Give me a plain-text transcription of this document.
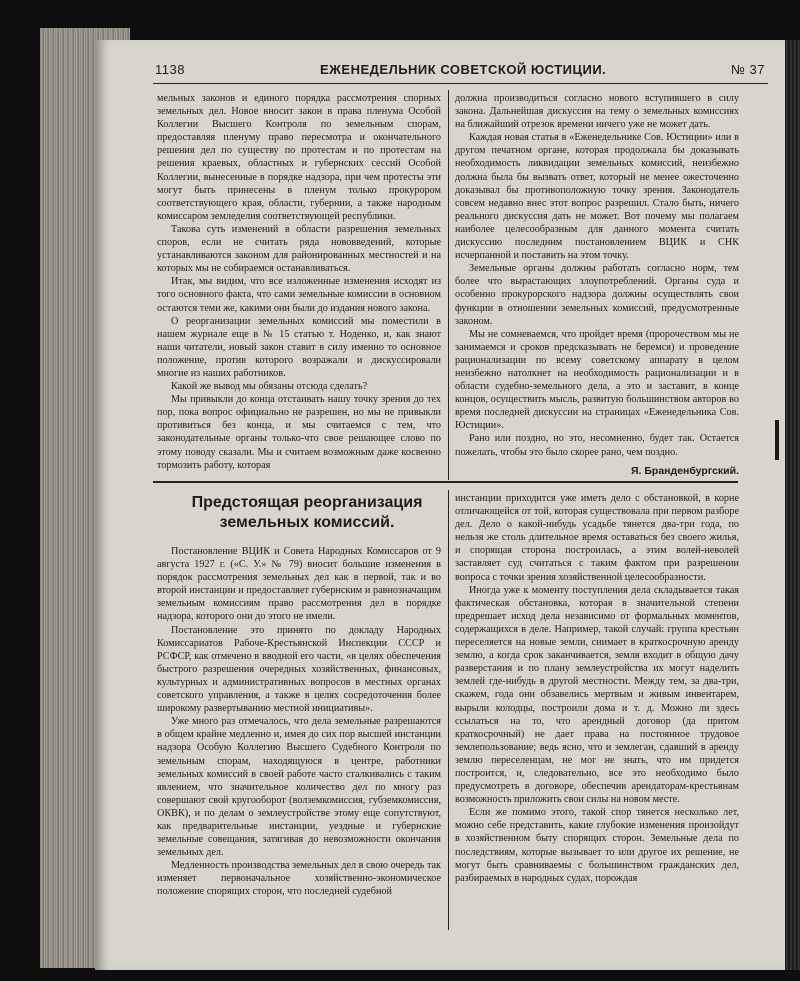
1138	ЕЖЕНЕДЕЛЬНИК СОВЕТСКОЙ ЮСТИЦИИ.	№ 37

мельных законов и единого порядка рассмотрения спорных земельных дел. Новое вносит закон в права пленума Особой Коллегии Высшего Контроля по земельным спорам, предоставляя пленуму право пересмотра и окончательного решения дел по существу по протестам и по протестам на решения краевых, областных и губернских сессий Особой Коллегии, вынесенные в порядке надзора, при чем протесты эти могут быть принесены в пленум только прокурором соответствующего края, области, губернии, а также народным комиссаром земледелия соответствующей республики.

Такова суть изменений в области разрешения земельных споров, если не считать ряда нововведений, которые устанавливаются законом для районированных местностей и на которых мы не собираемся останавливаться.

Итак, мы видим, что все изложенные изменения исходят из того основного факта, что сами земельные комиссии в основном остаются теми же, какими они были до издания нового закона.

О реорганизации земельных комиссий мы поместили в нашем журнале еще в № 15 статью т. Ноденко, и, как знают наши читатели, новый закон ставит в силу именно то основное положение, против которого возражали и дискуссировали многие из наших работников.

Какой же вывод мы обязаны отсюда сделать?

Мы привыкли до конца отстаивать нашу точку зрения до тех пор, пока вопрос официально не разрешен, но мы не привыкли противиться без конца, и мы считаемся с тем, что законодательные органы только-что свое решающее слово по этому поводу сказали. Мы и считаем возможным даже косвенно тормозить работу, которая

должна производиться согласно нового вступившего в силу закона. Дальнейшая дискуссия на тему о земельных комиссиях на ближайший отрезок времени ничего уже не может дать.

Каждая новая статья в «Еженедельнике Сов. Юстиции» или в другом печатном органе, которая продолжала бы доказывать необходимость ликвидации земельных комиссий, неизбежно должна была бы вызвать ответ, который не менее ожесточенно доказывал бы противоположную точку зрения. Законодатель совсем недавно внес этот вопрос разрешил. Стало быть, ничего реального дискуссия дать не может. Вот почему мы полагаем наиболее целесообразным для данного момента считать дискуссию последним постановлением ВЦИК и СНК исчерпанной и поставить на этом точку.

Земельные органы должны работать согласно норм, тем более что вырастающих злоупотреблений. Органы суда и особенно прокурорского надзора должны осуществлять свои функции в отношении земельных комиссий, предусмотренные законом.

Мы не сомневаемся, что пройдет время (пророчеством мы не занимаемся и сроков предсказывать не беремся) и проведение рационализации по всему советскому аппарату в целом неизбежно натолкнет на необходимость рационализации и в области судебно-земельного дела, а это и заставит, в конце концов, осуществить мысль, развитую большинством авторов во время последней дискуссии на страницах «Еженедельника Сов. Юстиции».

Рано или поздно, но это, несомненно, будет так. Остается пожелать, чтобы это было скорее рано, чем поздно.

Я. Бранденбургский.
Предстоящая реорганизация земельных комиссий.

Постановление ВЦИК и Совета Народных Комиссаров от 9 августа 1927 г. («С. У.» № 79) вносит большие изменения в порядок рассмотрения земельных дел как в первой, так и во второй инстанции и предоставляет губернским и равнозначащим земельным комиссиям право рассмотрения дел в порядке надзора, которого они до этого не имели.

Постановление это принято по докладу Народных Комиссариатов Рабоче-Крестьянской Инспекции СССР и РСФСР, как отмечено в вводной его части, «в целях обеспечения быстрого разрешения очередных хозяйственных, финансовых, культурных и административных вопросов в местных органах советского управления, а также в целях сосредоточения более широкому развертыванию местной инициативы».

Уже много раз отмечалось, что дела земельные разрешаются в общем крайне медленно и, имея до сих пор высшей инстанции надзора Особую Коллегию Высшего Судебного Контроля по земельным спорам, находящуюся в центре, работники земельных комиссий в своей работе часто сталкивались с таким явлением, что значительное количество дел по многу раз совершают свой кругооборот (волземкомиссия, губземкомиссия, ОКВК), и по делам о землеустройстве этому еще сопутствуют, как предварительные инстанции, уездные и губернские земельные совещания, затягивая до невозможности окончания земельных дел.

Медленность производства земельных дел в свою очередь так изменяет первоначальное хозяйственно-экономическое положение спорящих сторон, что последней судебной

инстанции приходится уже иметь дело с обстановкой, в корне отличающейся от той, которая существовала при первом разборе дел. Дело о какой-нибудь усадьбе тянется два-три года, по нельзя же столь длительное время оставаться без своего жилья, и спорящая сторона построилась, а этим волей-неволей заставляет суд считаться с таким фактом при разрешении вопроса с точки зрения хозяйственной целесообразности.

Иногда уже к моменту поступления дела складывается такая фактическая обстановка, которая в значительной степени предрешает исход дела независимо от формальных моментов, содержащихся в деле. Например, такой случай: группа крестьян переселяется на новые земли, снимает в краткосрочную аренду землю, а когда срок заканчивается, земля входит в общую дачу разверстания и по плану землеустройства их могут наделить землей где-нибудь в другой местности. Между тем, за два-три, скажем, года они обзавелись мертвым и живым инвентарем, вырыли колодцы, построили дома и т. д. Можно ли здесь ссылаться на то, что арендный договор (да притом краткосрочный) не дает права на постоянное трудовое землепользование; ведь ясно, что и землеган, сдавший в аренду землю переселенцам, не мог не знать, что им придется построится, и, следовательно, все это необходимо было предусмотреть в договоре, обеспечив арендаторам-крестьянам возможность приложить свои силы на новом месте.

Если же помимо этого, такой спор тянется несколько лет, можно себе представить, какие глубокие изменения произойдут в хозяйственном быту спорящих сторон. Земельные дела по последствиям, которые вызывает то или другое их решение, не могут быть сравниваемы с большинством гражданских дел, разбираемых в народных судах, порождая
